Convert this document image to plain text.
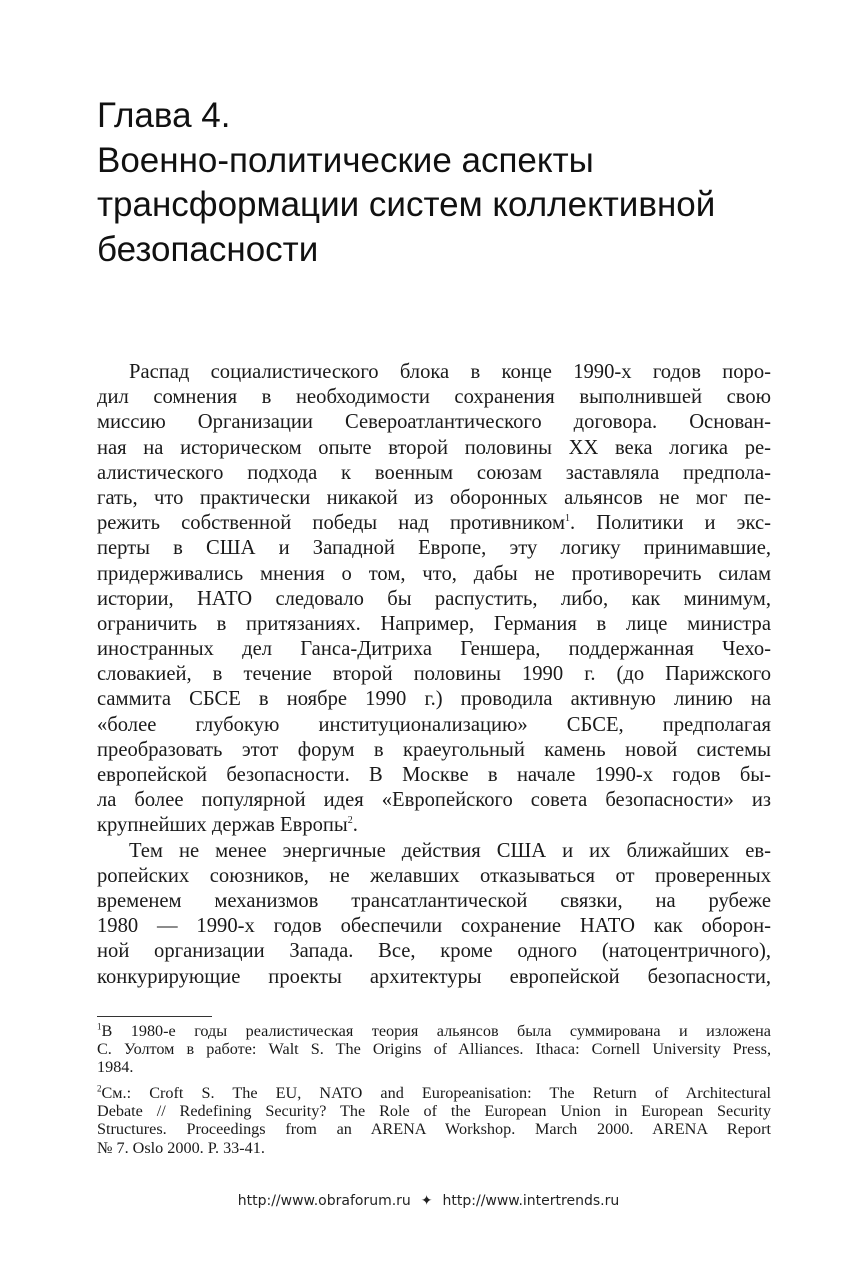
Глава 4.
Военно-политические аспекты
трансформации систем коллективной
безопасности
Распад социалистического блока в конце 1990-х годов поро-
дил сомнения в необходимости сохранения выполнившей свою
миссию Организации Североатлантического договора. Основан-
ная на историческом опыте второй половины XX века логика ре-
алистического подхода к военным союзам заставляла предпола-
гать, что практически никакой из оборонных альянсов не мог пе-
режить собственной победы над противником$^1$. Политики и экс-
перты в США и Западной Европе, эту логику принимавшие,
придерживались мнения о том, что, дабы не противоречить силам
истории, НАТО следовало бы распустить, либо, как минимум,
ограничить в притязаниях. Например, Германия в лице министра
иностранных дел Ганса-Дитриха Геншера, поддержанная Чехо-
словакией, в течение второй половины 1990 г. (до Парижского
саммита СБСЕ в ноябре 1990 г.) проводила активную линию на
«более глубокую институционализацию» СБСЕ, предполагая
преобразовать этот форум в краеугольный камень новой системы
европейской безопасности. В Москве в начале 1990-х годов бы-
ла более популярной идея «Европейского совета безопасности» из
крупнейших держав Европы$^2$.
Тем не менее энергичные действия США и их ближайших ев-
ропейских союзников, не желавших отказываться от проверенных
временем механизмов трансатлантической связки, на рубеже
1980 — 1990-х годов обеспечили сохранение НАТО как оборон-
ной организации Запада. Все, кроме одного (натоцентричного),
конкурирующие проекты архитектуры европейской безопасности,
$^1$В 1980-е годы реалистическая теория альянсов была суммирована и изложена
С. Уолтом в работе: Walt S. The Origins of Alliances. Ithaca: Cornell University Press,
1984.
$^2$См.: Croft S. The EU, NATO and Europeanisation: The Return of Architectural
Debate // Redefining Security? The Role of the European Union in European Security
Structures. Proceedings from an ARENA Workshop. March 2000. ARENA Report
№ 7. Oslo 2000. P. 33-41.
http://www.obraforum.ru ✦ http://www.intertrends.ru
